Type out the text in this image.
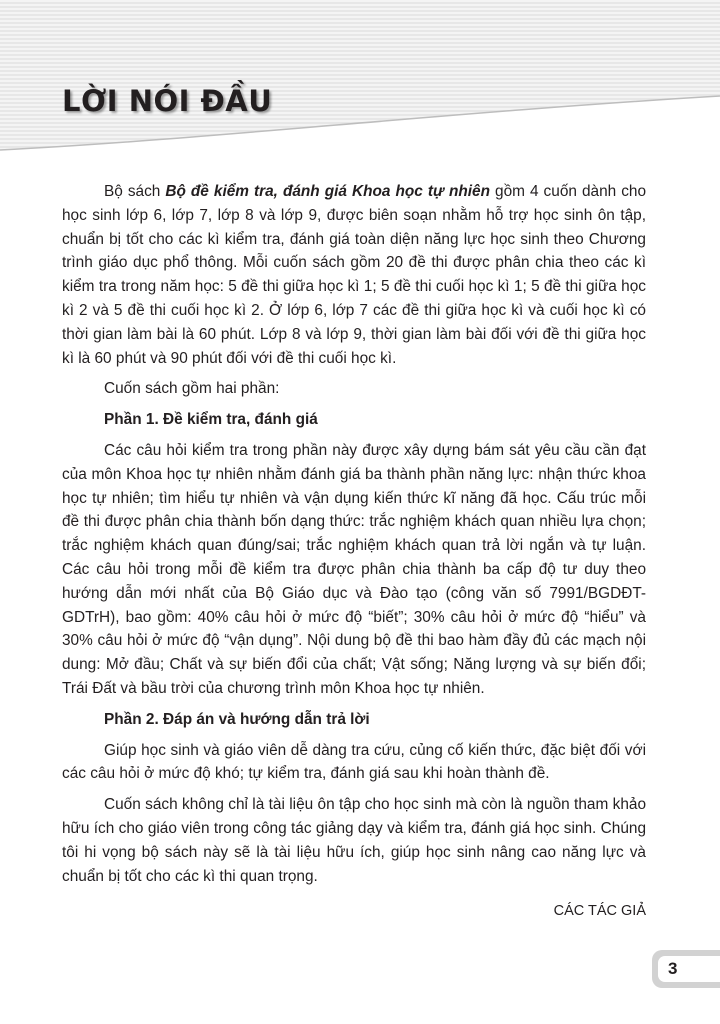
LỜI NÓI ĐẦU

Bộ sách Bộ đề kiểm tra, đánh giá Khoa học tự nhiên gồm 4 cuốn dành cho học sinh lớp 6, lớp 7, lớp 8 và lớp 9, được biên soạn nhằm hỗ trợ học sinh ôn tập, chuẩn bị tốt cho các kì kiểm tra, đánh giá toàn diện năng lực học sinh theo Chương trình giáo dục phổ thông. Mỗi cuốn sách gồm 20 đề thi được phân chia theo các kì kiểm tra trong năm học: 5 đề thi giữa học kì 1; 5 đề thi cuối học kì 1; 5 đề thi giữa học kì 2 và 5 đề thi cuối học kì 2. Ở lớp 6, lớp 7 các đề thi giữa học kì và cuối học kì có thời gian làm bài là 60 phút. Lớp 8 và lớp 9, thời gian làm bài đối với đề thi giữa học kì là 60 phút và 90 phút đối với đề thi cuối học kì.

Cuốn sách gồm hai phần:

Phần 1. Đề kiểm tra, đánh giá

Các câu hỏi kiểm tra trong phần này được xây dựng bám sát yêu cầu cần đạt của môn Khoa học tự nhiên nhằm đánh giá ba thành phần năng lực: nhận thức khoa học tự nhiên; tìm hiểu tự nhiên và vận dụng kiến thức kĩ năng đã học. Cấu trúc mỗi đề thi được phân chia thành bốn dạng thức: trắc nghiệm khách quan nhiều lựa chọn; trắc nghiệm khách quan đúng/sai; trắc nghiệm khách quan trả lời ngắn và tự luận. Các câu hỏi trong mỗi đề kiểm tra được phân chia thành ba cấp độ tư duy theo hướng dẫn mới nhất của Bộ Giáo dục và Đào tạo (công văn số 7991/BGDĐT-GDTrH), bao gồm: 40% câu hỏi ở mức độ “biết”; 30% câu hỏi ở mức độ “hiểu” và 30% câu hỏi ở mức độ “vận dụng”. Nội dung bộ đề thi bao hàm đầy đủ các mạch nội dung: Mở đầu; Chất và sự biến đổi của chất; Vật sống; Năng lượng và sự biến đổi; Trái Đất và bầu trời của chương trình môn Khoa học tự nhiên.

Phần 2. Đáp án và hướng dẫn trả lời

Giúp học sinh và giáo viên dễ dàng tra cứu, củng cố kiến thức, đặc biệt đối với các câu hỏi ở mức độ khó; tự kiểm tra, đánh giá sau khi hoàn thành đề.

Cuốn sách không chỉ là tài liệu ôn tập cho học sinh mà còn là nguồn tham khảo hữu ích cho giáo viên trong công tác giảng dạy và kiểm tra, đánh giá học sinh. Chúng tôi hi vọng bộ sách này sẽ là tài liệu hữu ích, giúp học sinh nâng cao năng lực và chuẩn bị tốt cho các kì thi quan trọng.

CÁC TÁC GIẢ

3
